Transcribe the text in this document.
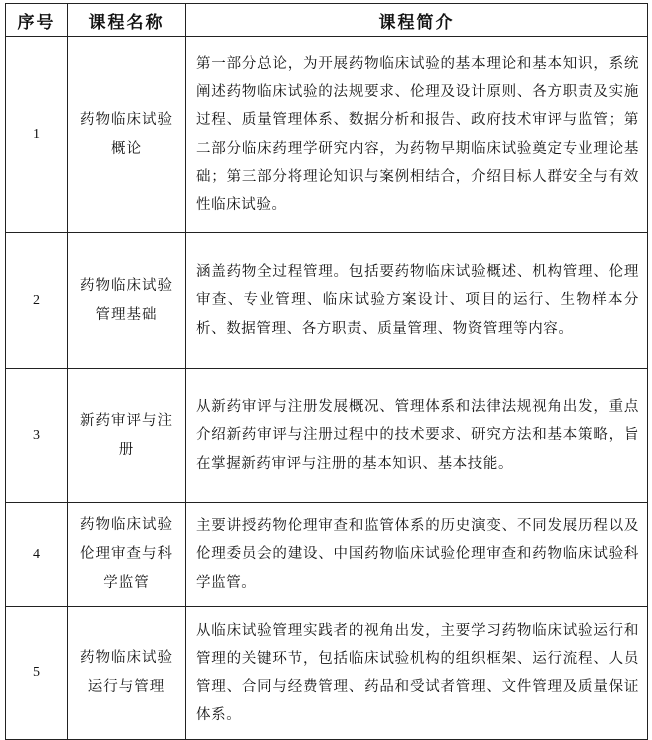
序号	课程名称	课程简介
1	药物临床试验概论	第一部分总论，为开展药物临床试验的基本理论和基本知识，系统阐述药物临床试验的法规要求、伦理及设计原则、各方职责及实施过程、质量管理体系、数据分析和报告、政府技术审评与监管；第二部分临床药理学研究内容，为药物早期临床试验奠定专业理论基础；第三部分将理论知识与案例相结合，介绍目标人群安全与有效性临床试验。
2	药物临床试验管理基础	涵盖药物全过程管理。包括要药物临床试验概述、机构管理、伦理审查、专业管理、临床试验方案设计、项目的运行、生物样本分析、数据管理、各方职责、质量管理、物资管理等内容。
3	新药审评与注册	从新药审评与注册发展概况、管理体系和法律法规视角出发，重点介绍新药审评与注册过程中的技术要求、研究方法和基本策略，旨在掌握新药审评与注册的基本知识、基本技能。
4	药物临床试验伦理审查与科学监管	主要讲授药物伦理审查和监管体系的历史演变、不同发展历程以及伦理委员会的建设、中国药物临床试验伦理审查和药物临床试验科学监管。
5	药物临床试验运行与管理	从临床试验管理实践者的视角出发，主要学习药物临床试验运行和管理的关键环节，包括临床试验机构的组织框架、运行流程、人员管理、合同与经费管理、药品和受试者管理、文件管理及质量保证体系。
